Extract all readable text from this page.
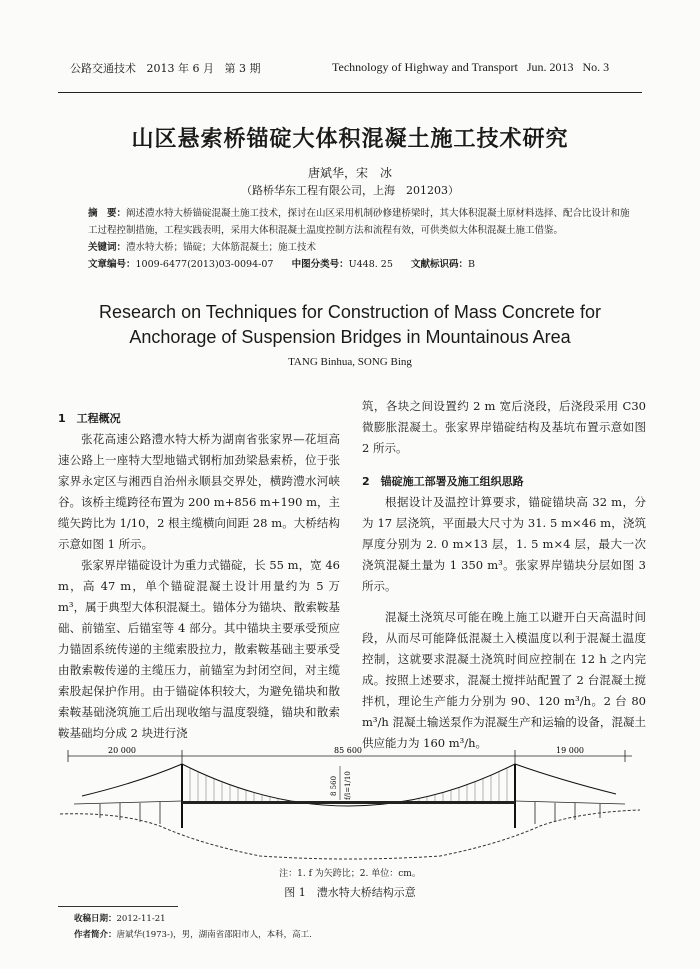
公路交通技术 2013 年 6 月 第 3 期	Technology of Highway and Transport Jun. 2013 No. 3
山区悬索桥锚碇大体积混凝土施工技术研究
唐斌华，宋　冰
（路桥华东工程有限公司，上海　201203）
摘　要：阐述澧水特大桥锚碇混凝土施工技术，探讨在山区采用机制砂修建桥梁时，其大体积混凝土原材料选择、配合比设计和施工过程控制措施，工程实践表明，采用大体积混凝土温度控制方法和流程有效，可供类似大体积混凝土施工借鉴。
关键词：澧水特大桥；锚碇；大体筋混凝土；施工技术
文章编号：1009-6477(2013)03-0094-07 中图分类号：U448. 25 文献标识码：B
Research on Techniques for Construction of Mass Concrete for
Anchorage of Suspension Bridges in Mountainous Area
TANG Binhua, SONG Bing

1　工程概况

张花高速公路澧水特大桥为湖南省张家界—花垣高速公路上一座特大型地锚式钢桁加劲梁悬索桥，位于张家界永定区与湘西自治州永顺县交界处，横跨澧水河峡谷。该桥主缆跨径布置为 200 m+856 m+190 m，主缆矢跨比为 1/10，2 根主缆横向间距 28 m。大桥结构示意如图 1 所示。

张家界岸锚碇设计为重力式锚碇，长 55 m，宽 46 m，高 47 m，单个锚碇混凝土设计用量约为 5 万 m³，属于典型大体积混凝土。锚体分为锚块、散索鞍基础、前锚室、后锚室等 4 部分。其中锚块主要承受预应力锚固系统传递的主缆索股拉力，散索鞍基础主要承受由散索鞍传递的主缆压力，前锚室为封闭空间，对主缆索股起保护作用。由于锚碇体积较大，为避免锚块和散索鞍基础浇筑施工后出现收缩与温度裂缝，锚块和散索鞍基础均分成 2 块进行浇

筑，各块之间设置约 2 m 宽后浇段，后浇段采用 C30 微膨胀混凝土。张家界岸锚碇结构及基坑布置示意如图 2 所示。

2　锚碇施工部署及施工组织思路

根据设计及温控计算要求，锚碇锚块高 32 m，分为 17 层浇筑，平面最大尺寸为 31. 5 m×46 m，浇筑厚度分别为 2. 0 m×13 层，1. 5 m×4 层，最大一次浇筑混凝土量为 1 350 m³。张家界岸锚块分层如图 3 所示。

混凝土浇筑尽可能在晚上施工以避开白天高温时间段，从而尽可能降低混凝土入模温度以利于混凝土温度控制，这就要求混凝土浇筑时间应控制在 12 h 之内完成。按照上述要求，混凝土搅拌站配置了 2 台混凝土搅拌机，理论生产能力分别为 90、120 m³/h。2 台 80 m³/h 混凝土输送泵作为混凝生产和运输的设备，混凝土供应能力为 160 m³/h。

20 000	85 600	19 000
8 560 f/l=1/10
注：1. f 为矢跨比；2. 单位：cm。
图 1　澧水特大桥结构示意
收稿日期：2012-11-21
作者简介：唐斌华(1973-)，男，湖南省邵阳市人，本科，高工.
